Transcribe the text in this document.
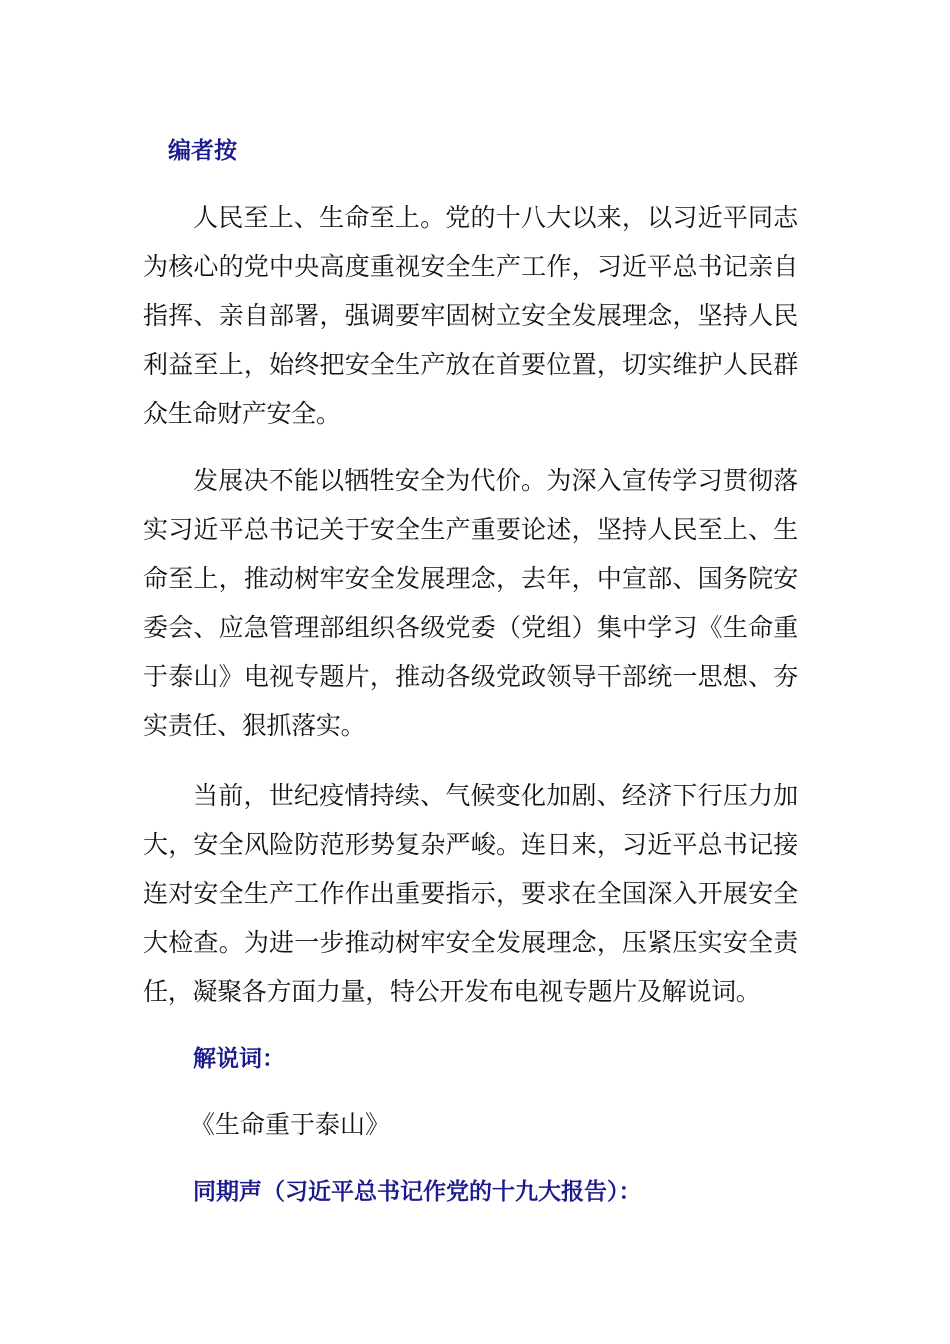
编者按

人民至上、生命至上。党的十八大以来，以习近平同志为核心的党中央高度重视安全生产工作，习近平总书记亲自指挥、亲自部署，强调要牢固树立安全发展理念，坚持人民利益至上，始终把安全生产放在首要位置，切实维护人民群众生命财产安全。

发展决不能以牺牲安全为代价。为深入宣传学习贯彻落实习近平总书记关于安全生产重要论述，坚持人民至上、生命至上，推动树牢安全发展理念，去年，中宣部、国务院安委会、应急管理部组织各级党委（党组）集中学习《生命重于泰山》电视专题片，推动各级党政领导干部统一思想、夯实责任、狠抓落实。

当前，世纪疫情持续、气候变化加剧、经济下行压力加大，安全风险防范形势复杂严峻。连日来，习近平总书记接连对安全生产工作作出重要指示，要求在全国深入开展安全大检查。为进一步推动树牢安全发展理念，压紧压实安全责任，凝聚各方面力量，特公开发布电视专题片及解说词。

解说词：
《生命重于泰山》
同期声（习近平总书记作党的十九大报告）：
